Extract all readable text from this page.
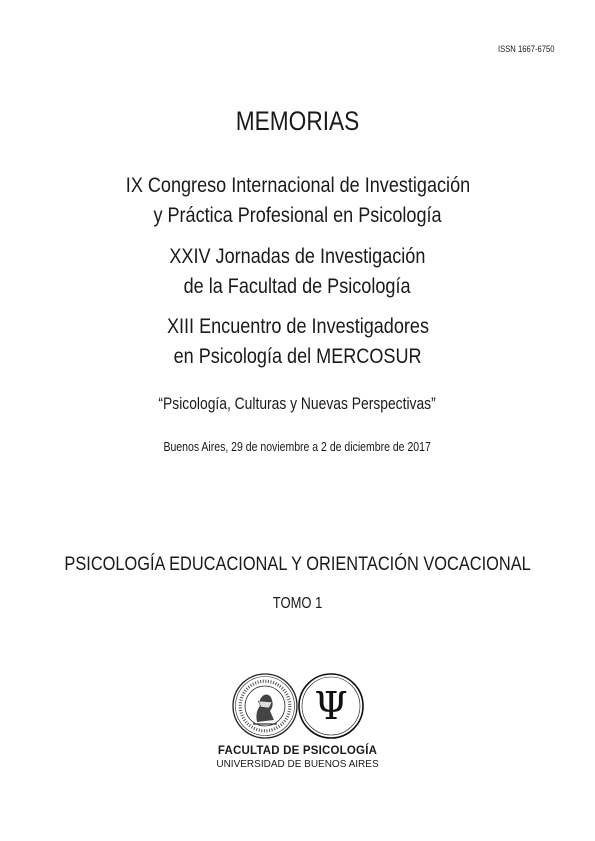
ISSN 1667-6750
MEMORIAS
IX Congreso Internacional de Investigación
y Práctica Profesional en Psicología
XXIV Jornadas de Investigación
de la Facultad de Psicología
XIII Encuentro de Investigadores
en Psicología del MERCOSUR
“Psicología, Culturas y Nuevas Perspectivas”
Buenos Aires, 29 de noviembre a 2 de diciembre de 2017
PSICOLOGÍA EDUCACIONAL Y ORIENTACIÓN VOCACIONAL
TOMO 1
Ψ
FACULTAD DE PSICOLOGÍA
UNIVERSIDAD DE BUENOS AIRES
